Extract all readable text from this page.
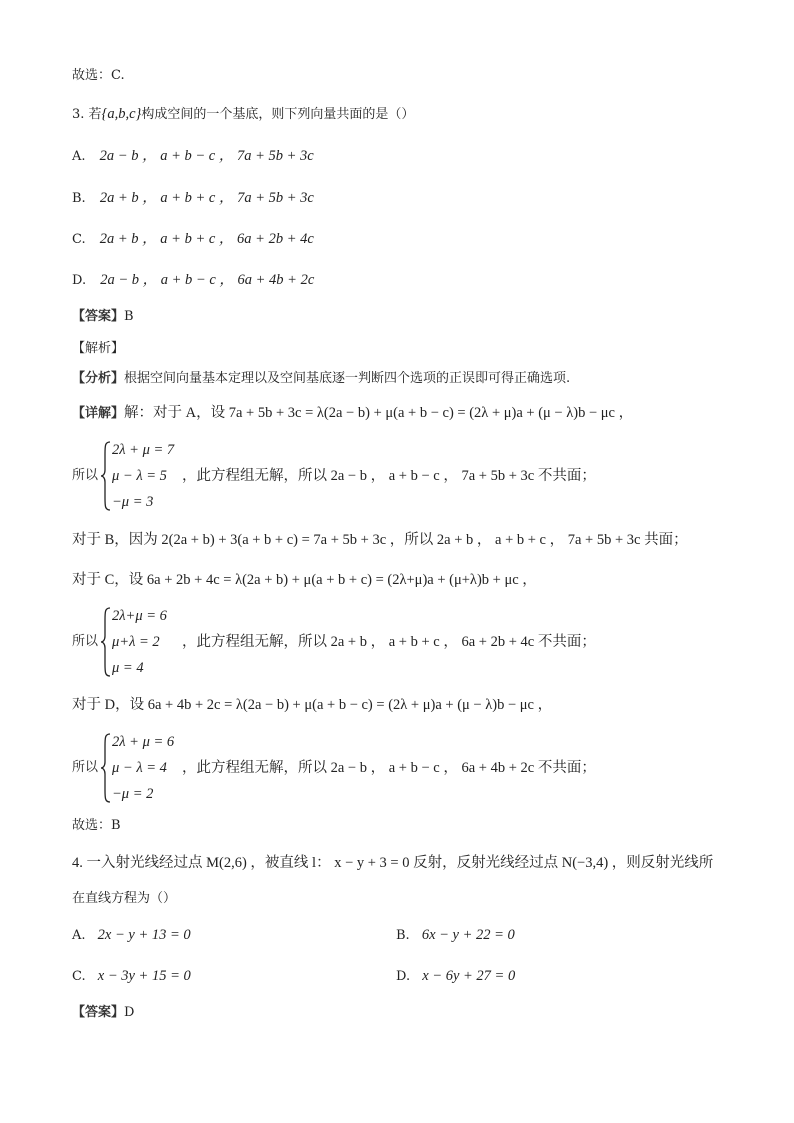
故选：C.
3. 若{a,b,c}构成空间的一个基底，则下列向量共面的是（）
A. 2a − b ， a + b − c ， 7a + 5b + 3c
B. 2a + b ， a + b + c ， 7a + 5b + 3c
C. 2a + b ， a + b + c ， 6a + 2b + 4c
D. 2a − b ， a + b − c ， 6a + 4b + 2c
【答案】B
【解析】
【分析】根据空间向量基本定理以及空间基底逐一判断四个选项的正误即可得正确选项.
【详解】解：对于 A，设 7a + 5b + 3c = λ(2a − b) + μ(a + b − c) = (2λ + μ)a + (μ − λ)b − μc ，
所以
2λ + μ = 7
μ − λ = 5
−μ = 3
，此方程组无解，所以 2a − b ， a + b − c ， 7a + 5b + 3c 不共面；
对于 B，因为 2(2a + b) + 3(a + b + c) = 7a + 5b + 3c ，所以 2a + b ， a + b + c ， 7a + 5b + 3c 共面；
对于 C，设 6a + 2b + 4c = λ(2a + b) + μ(a + b + c) = (2λ+μ)a + (μ+λ)b + μc ，
所以
2λ+μ = 6
μ+λ = 2
μ = 4
，此方程组无解，所以 2a + b ， a + b + c ， 6a + 2b + 4c 不共面；
对于 D，设 6a + 4b + 2c = λ(2a − b) + μ(a + b − c) = (2λ + μ)a + (μ − λ)b − μc ，
所以
2λ + μ = 6
μ − λ = 4
−μ = 2
，此方程组无解，所以 2a − b ， a + b − c ， 6a + 4b + 2c 不共面；
故选：B
4. 一入射光线经过点 M(2,6) ，被直线 l： x − y + 3 = 0 反射，反射光线经过点 N(−3,4) ，则反射光线所
在直线方程为（）
A. 2x − y + 13 = 0	B. 6x − y + 22 = 0
C. x − 3y + 15 = 0	D. x − 6y + 27 = 0
【答案】D
